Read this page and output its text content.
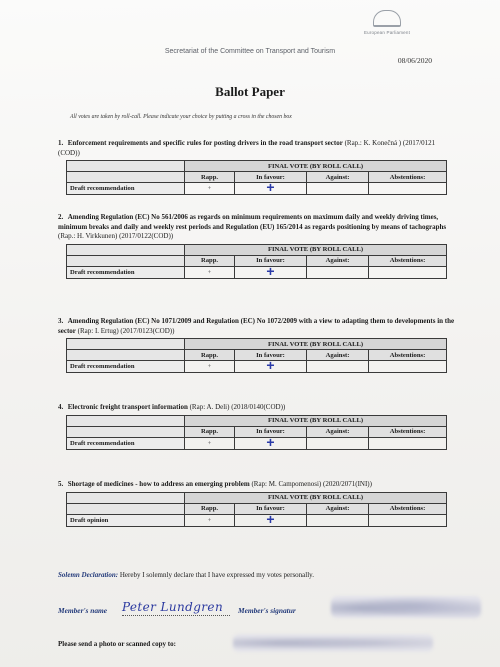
European Parliament
Secretariat of the Committee on Transport and Tourism
08/06/2020
Ballot Paper
All votes are taken by roll-call. Please indicate your choice by putting a cross in the chosen box
1. Enforcement requirements and specific rules for posting drivers in the road transport sector (Rap.: K. Konečná ) (2017/0121 (COD))
	FINAL VOTE (BY ROLL CALL)			
	Rapp.	In favour:	Against:	Abstentions:
Draft recommendation	+	+		
2. Amending Regulation (EC) No 561/2006 as regards on minimum requirements on maximum daily and weekly driving times, minimum breaks and daily and weekly rest periods and Regulation (EU) 165/2014 as regards positioning by means of tachographs (Rap.: H. Virkkunen) (2017/0122(COD))
	FINAL VOTE (BY ROLL CALL)			
	Rapp.	In favour:	Against:	Abstentions:
Draft recommendation	+	+		
3. Amending Regulation (EC) No 1071/2009 and Regulation (EC) No 1072/2009 with a view to adapting them to developments in the sector (Rap: I. Ertug) (2017/0123(COD))
	FINAL VOTE (BY ROLL CALL)			
	Rapp.	In favour:	Against:	Abstentions:
Draft recommendation	+	+		
4. Electronic freight transport information (Rap: A. Deli) (2018/0140(COD))
	FINAL VOTE (BY ROLL CALL)			
	Rapp.	In favour:	Against:	Abstentions:
Draft recommendation	+	+		
5. Shortage of medicines - how to address an emerging problem (Rap: M. Campomenosi) (2020/2071(INI))
	FINAL VOTE (BY ROLL CALL)			
	Rapp.	In favour:	Against:	Abstentions:
Draft opinion	+	+		
Solemn Declaration: Hereby I solemnly declare that I have expressed my votes personally.
Member's name Peter Lundgren Member's signatur
Please send a photo or scanned copy to:
